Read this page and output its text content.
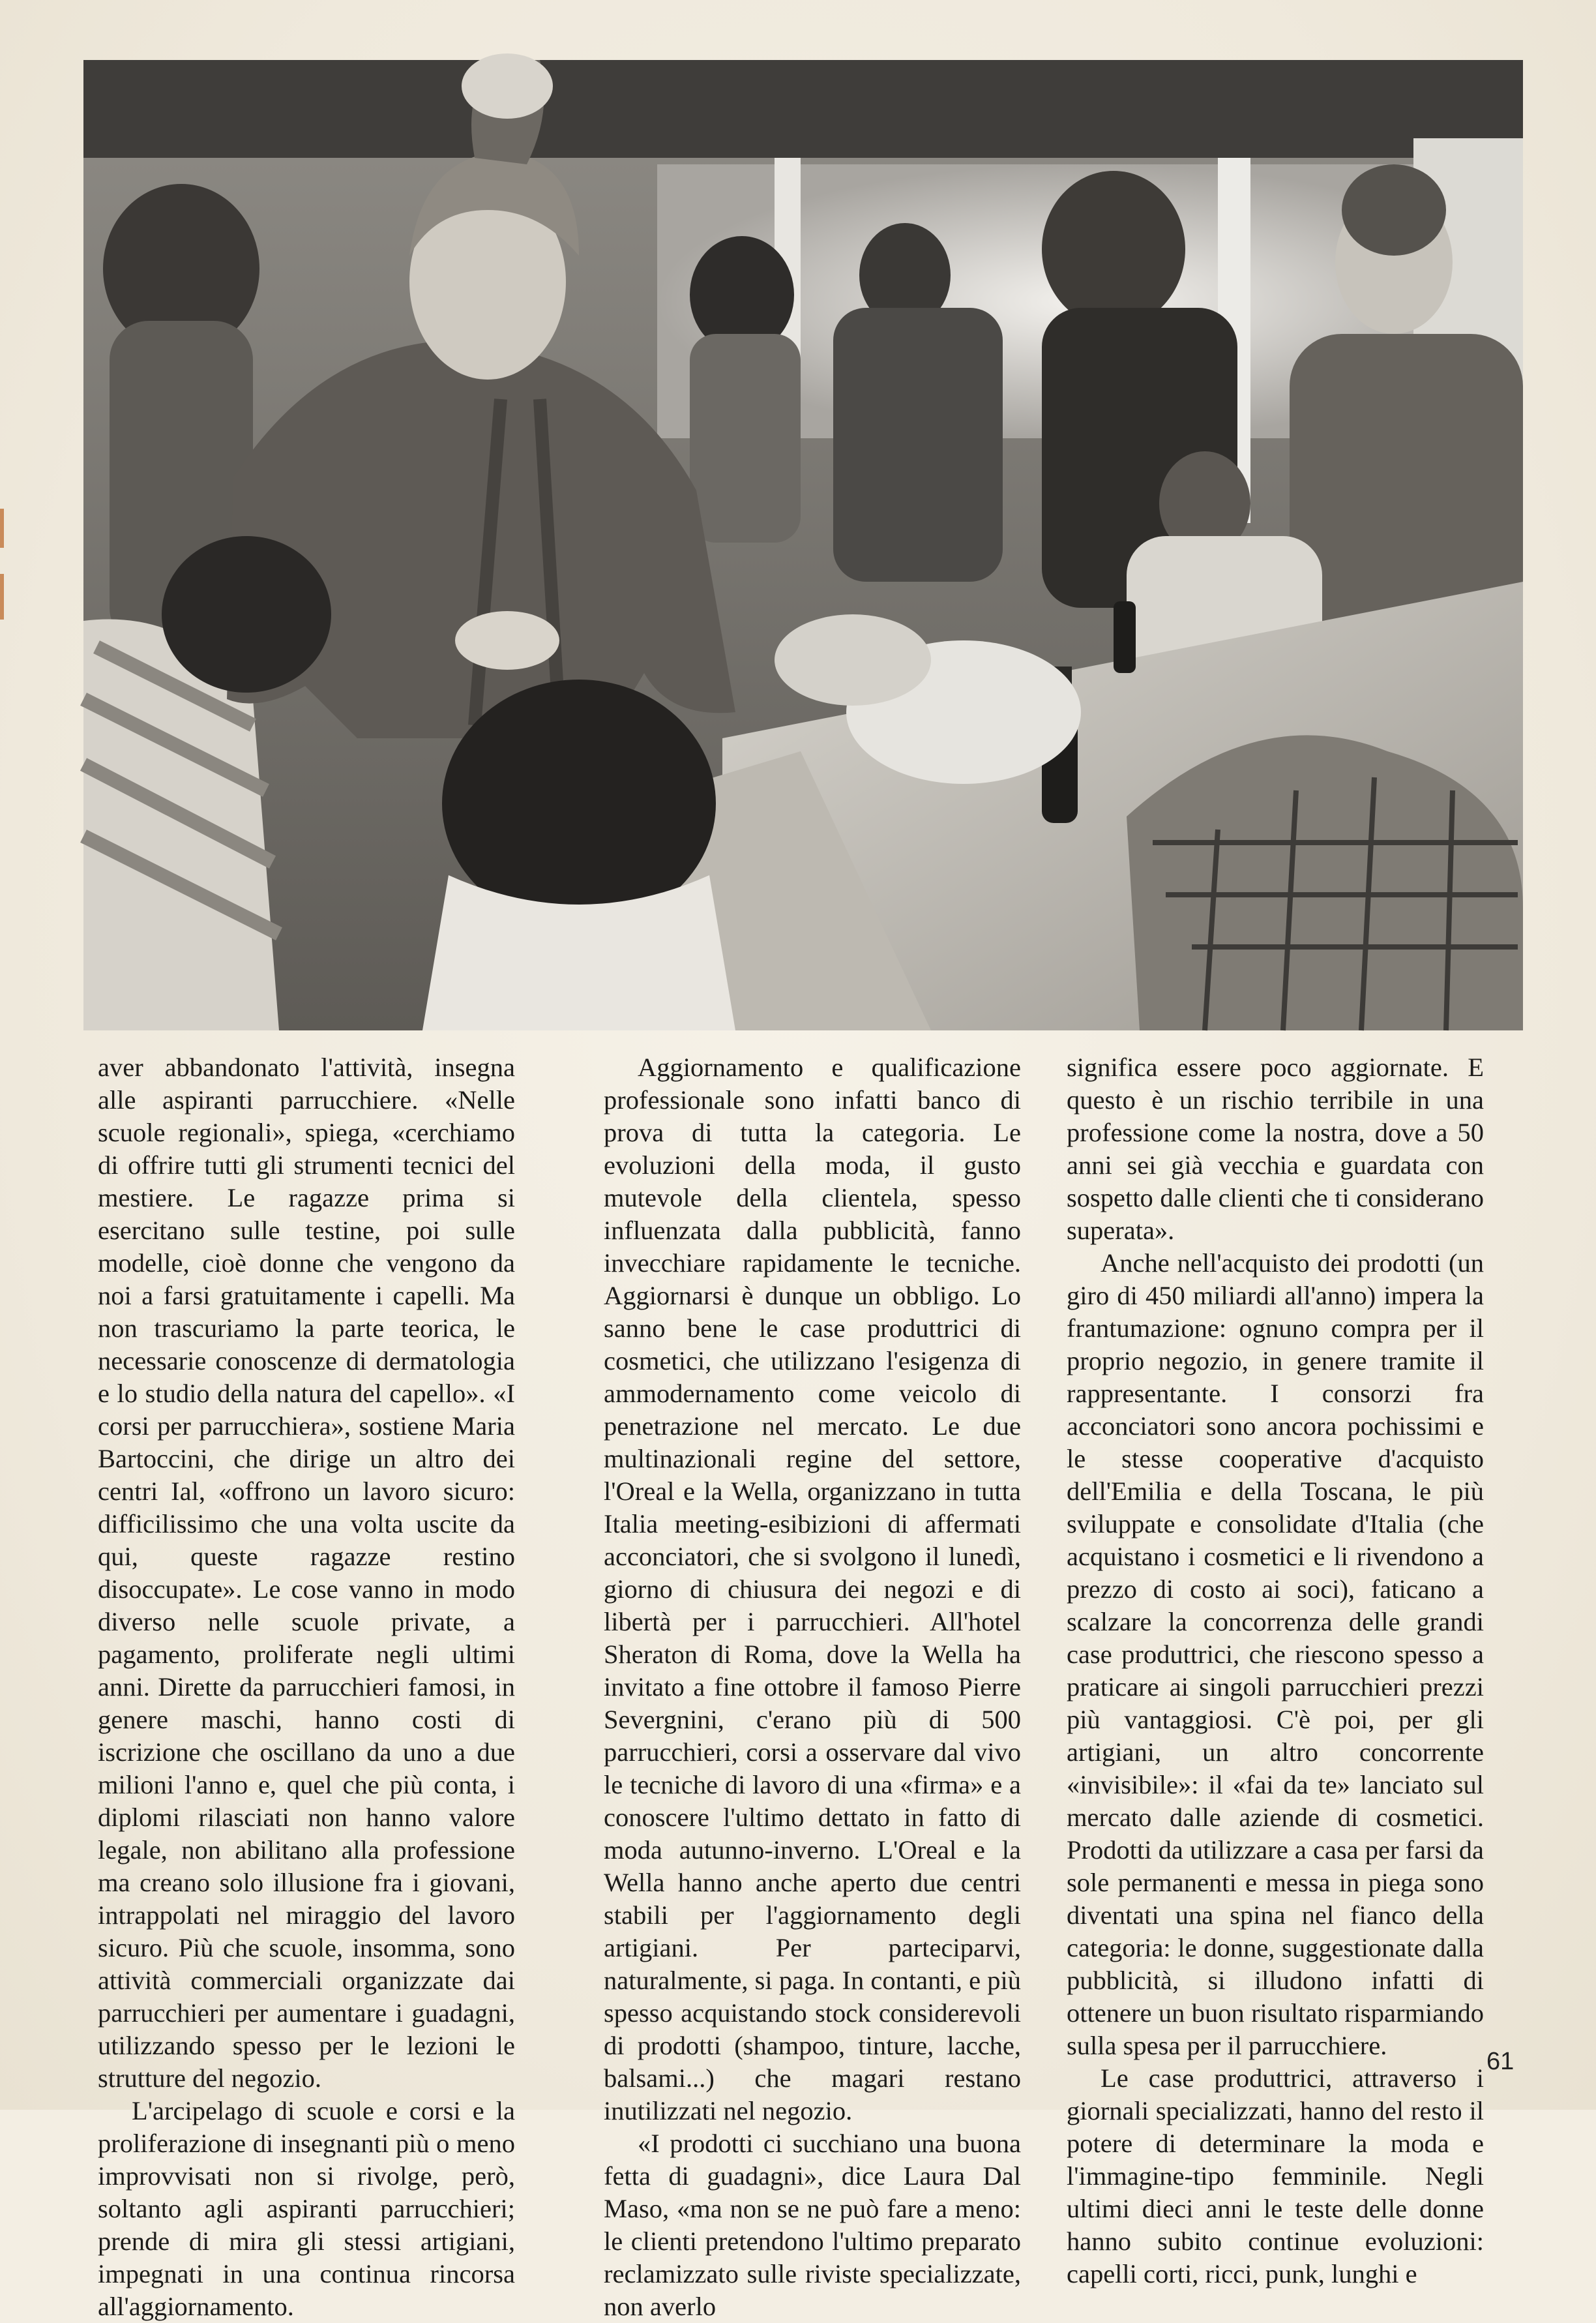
aver abbandonato l'attività, insegna alle aspiranti parrucchiere. «Nelle scuole regionali», spiega, «cerchiamo di offrire tutti gli strumenti tecnici del mestiere. Le ragazze prima si esercitano sulle testine, poi sulle modelle, cioè donne che vengono da noi a farsi gratuitamente i capelli. Ma non trascuriamo la parte teorica, le necessarie conoscenze di dermatologia e lo studio della natura del capello». «I corsi per parrucchiera», sostiene Maria Bartoccini, che dirige un altro dei centri Ial, «offrono un lavoro sicuro: difficilissimo che una volta uscite da qui, queste ragazze restino disoccupate». Le cose vanno in modo diverso nelle scuole private, a pagamento, proliferate negli ultimi anni. Dirette da parrucchieri famosi, in genere maschi, hanno costi di iscrizione che oscillano da uno a due milioni l'anno e, quel che più conta, i diplomi rilasciati non hanno valore legale, non abilitano alla professione ma creano solo illusione fra i giovani, intrappolati nel miraggio del lavoro sicuro. Più che scuole, insomma, sono attività commerciali organizzate dai parrucchieri per aumentare i guadagni, utilizzando spesso per le lezioni le strutture del negozio.

L'arcipelago di scuole e corsi e la proliferazione di insegnanti più o meno improvvisati non si rivolge, però, soltanto agli aspiranti parrucchieri; prende di mira gli stessi artigiani, impegnati in una continua rincorsa all'aggiornamento.

Aggiornamento e qualificazione professionale sono infatti banco di prova di tutta la categoria. Le evoluzioni della moda, il gusto mutevole della clientela, spesso influenzata dalla pubblicità, fanno invecchiare rapidamente le tecniche. Aggiornarsi è dunque un obbligo. Lo sanno bene le case produttrici di cosmetici, che utilizzano l'esigenza di ammodernamento come veicolo di penetrazione nel mercato. Le due multinazionali regine del settore, l'Oreal e la Wella, organizzano in tutta Italia meeting-esibizioni di affermati acconciatori, che si svolgono il lunedì, giorno di chiusura dei negozi e di libertà per i parrucchieri. All'hotel Sheraton di Roma, dove la Wella ha invitato a fine ottobre il famoso Pierre Severgnini, c'erano più di 500 parrucchieri, corsi a osservare dal vivo le tecniche di lavoro di una «firma» e a conoscere l'ultimo dettato in fatto di moda autunno-inverno. L'Oreal e la Wella hanno anche aperto due centri stabili per l'aggiornamento degli artigiani. Per parteciparvi, naturalmente, si paga. In contanti, e più spesso acquistando stock considerevoli di prodotti (shampoo, tinture, lacche, balsami...) che magari restano inutilizzati nel negozio.

«I prodotti ci succhiano una buona fetta di guadagni», dice Laura Dal Maso, «ma non se ne può fare a meno: le clienti pretendono l'ultimo preparato reclamizzato sulle riviste specializzate, non averlo

significa essere poco aggiornate. E questo è un rischio terribile in una professione come la nostra, dove a 50 anni sei già vecchia e guardata con sospetto dalle clienti che ti considerano superata».

Anche nell'acquisto dei prodotti (un giro di 450 miliardi all'anno) impera la frantumazione: ognuno compra per il proprio negozio, in genere tramite il rappresentante. I consorzi fra acconciatori sono ancora pochissimi e le stesse cooperative d'acquisto dell'Emilia e della Toscana, le più sviluppate e consolidate d'Italia (che acquistano i cosmetici e li rivendono a prezzo di costo ai soci), faticano a scalzare la concorrenza delle grandi case produttrici, che riescono spesso a praticare ai singoli parrucchieri prezzi più vantaggiosi. C'è poi, per gli artigiani, un altro concorrente «invisibile»: il «fai da te» lanciato sul mercato dalle aziende di cosmetici. Prodotti da utilizzare a casa per farsi da sole permanenti e messa in piega sono diventati una spina nel fianco della categoria: le donne, suggestionate dalla pubblicità, si illudono infatti di ottenere un buon risultato risparmiando sulla spesa per il parrucchiere.

Le case produttrici, attraverso i giornali specializzati, hanno del resto il potere di determinare la moda e l'immagine-tipo femminile. Negli ultimi dieci anni le teste delle donne hanno subito continue evoluzioni: capelli corti, ricci, punk, lunghi e

61
